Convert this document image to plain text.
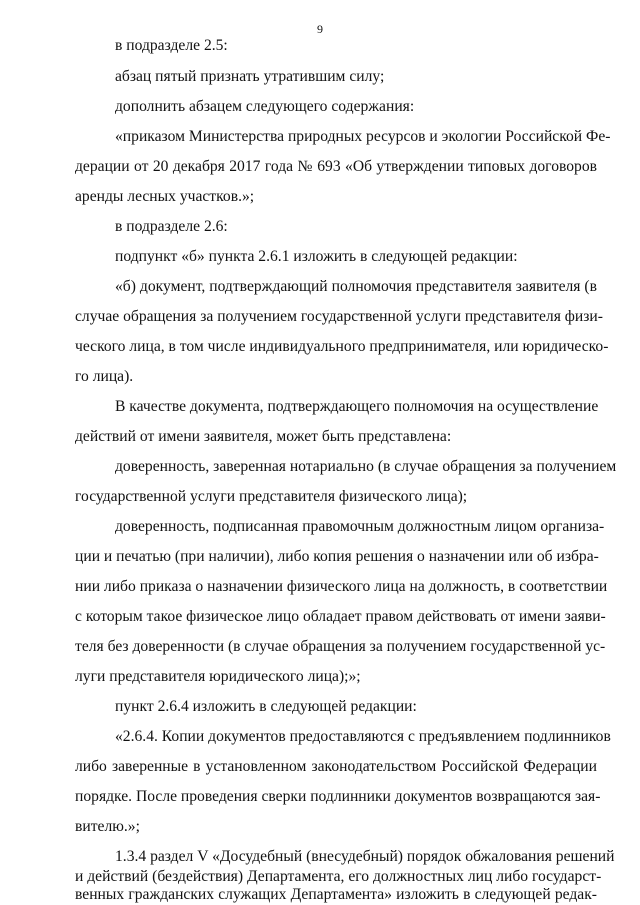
9
в подразделе 2.5:
абзац пятый признать утратившим силу;
дополнить абзацем следующего содержания:
«приказом Министерства природных ресурсов и экологии Российской Фе-
дерации от 20 декабря 2017 года № 693 «Об утверждении типовых договоров
аренды лесных участков.»;
в подразделе 2.6:
подпункт «б» пункта 2.6.1 изложить в следующей редакции:
«б) документ, подтверждающий полномочия представителя заявителя (в
случае обращения за получением государственной услуги представителя физи-
ческого лица, в том числе индивидуального предпринимателя, или юридическо-
го лица).
В качестве документа, подтверждающего полномочия на осуществление
действий от имени заявителя, может быть представлена:
доверенность, заверенная нотариально (в случае обращения за получением
государственной услуги представителя физического лица);
доверенность, подписанная правомочным должностным лицом организа-
ции и печатью (при наличии), либо копия решения о назначении или об избра-
нии либо приказа о назначении физического лица на должность, в соответствии
с которым такое физическое лицо обладает правом действовать от имени заяви-
теля без доверенности (в случае обращения за получением государственной ус-
луги представителя юридического лица);»;
пункт 2.6.4 изложить в следующей редакции:
«2.6.4. Копии документов предоставляются с предъявлением подлинников
либо заверенные в установленном законодательством Российской Федерации
порядке. После проведения сверки подлинники документов возвращаются зая-
вителю.»;
1.3.4 раздел V «Досудебный (внесудебный) порядок обжалования решений
и действий (бездействия) Департамента, его должностных лиц либо государст-
венных гражданских служащих Департамента» изложить в следующей редак-
